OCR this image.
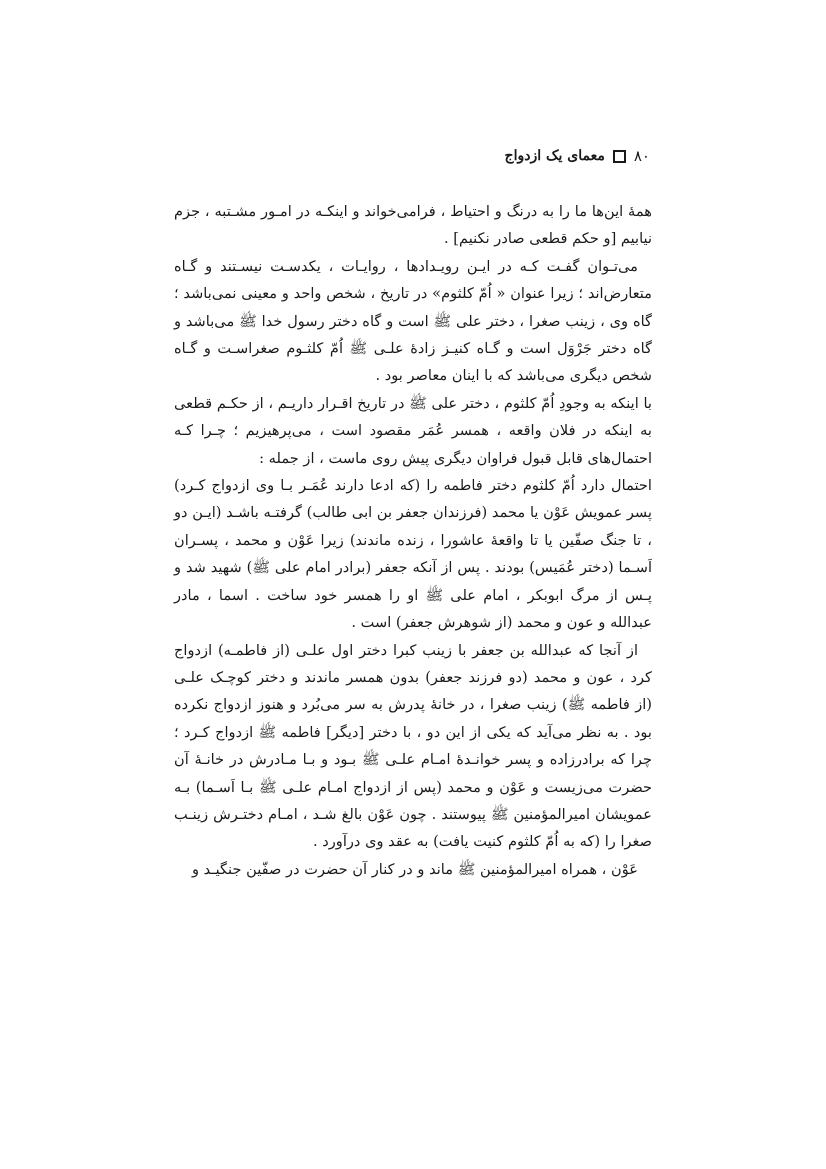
۸۰
معمای یک ازدواج

همهٔ این‌ها ما را به درنگ و احتیاط ، فرامی‌خواند و اینکـه در امـور مشـتبه ، جزم نیابیم [و حکم قطعی صادر نکنیم] .

می‌تـوان گفـت کـه در ایـن رویـدادها ، روایـات ، یکدسـت نیسـتند و گـاه متعارض‌اند ؛ زیرا عنوان « اُمّ کلثوم» در تاریخ ، شخص واحد و معینی نمی‌باشد ؛ گاه وی ، زینب صغرا ، دختر علی ﷺ است و گاه دختر رسول خدا ﷺ می‌باشد و گاه دختر جَرْوَل است و گـاه کنیـز زادهٔ علـی ﷺ اُمّ کلثـوم صغراسـت و گـاه شخص دیگری می‌باشد که با اینان معاصر بود .

با اینکه به وجودِ اُمّ کلثوم ، دختر علی ﷺ در تاریخ اقـرار داریـم ، از حکـم قطعی به اینکه در فلان واقعه ، همسر عُمَر مقصود است ، می‌پرهیزیم ؛ چـرا کـه احتمال‌های قابل قبول فراوان دیگری پیش روی ماست ، از جمله :

احتمال دارد اُمّ کلثوم دختر فاطمه را (که ادعا دارند عُمَـر بـا وی ازدواج کـرد) پسر عمویش عَوْن یا محمد (فرزندان جعفر بن ابی طالب) گرفتـه باشـد (ایـن دو ، تا جنگ صفّین یا تا واقعهٔ عاشورا ، زنده ماندند) زیرا عَوْن و محمد ، پسـران اَسـما (دختر عُمَیس) بودند . پس از آنکه جعفر (برادر امام علی ﷺ) شهید شد و پـس از مرگ ابوبکر ، امام علی ﷺ او را همسر خود ساخت . اسما ، مادر عبدالله و عون و محمد (از شوهرش جعفر) است .

از آنجا که عبدالله بن جعفر با زینب کبرا دختر اول علـی (از فاطمـه) ازدواج کرد ، عون و محمد (دو فرزند جعفر) بدون همسر ماندند و دختر کوچـک علـی (از فاطمه ﷺ) زینب صغرا ، در خانهٔ پدرش به سر می‌بُرد و هنوز ازدواج نکرده بود . به نظر می‌آید که یکی از این دو ، با دختر [دیگر] فاطمه ﷺ ازدواج کـرد ؛ چرا که برادرزاده و پسر خوانـدهٔ امـام علـی ﷺ بـود و بـا مـادرش در خانـهٔ آن حضرت می‌زیست و عَوْن و محمد (پس از ازدواج امـام علـی ﷺ بـا اَسـما) بـه عمویشان امیرالمؤمنین ﷺ پیوستند . چون عَوْن بالغ شـد ، امـام دختـرش زینـب صغرا را (که به اُمّ کلثوم کنیت یافت) به عقد وی درآورد .

عَوْن ، همراه امیرالمؤمنین ﷺ ماند و در کنار آن حضرت در صفّین جنگیـد و
